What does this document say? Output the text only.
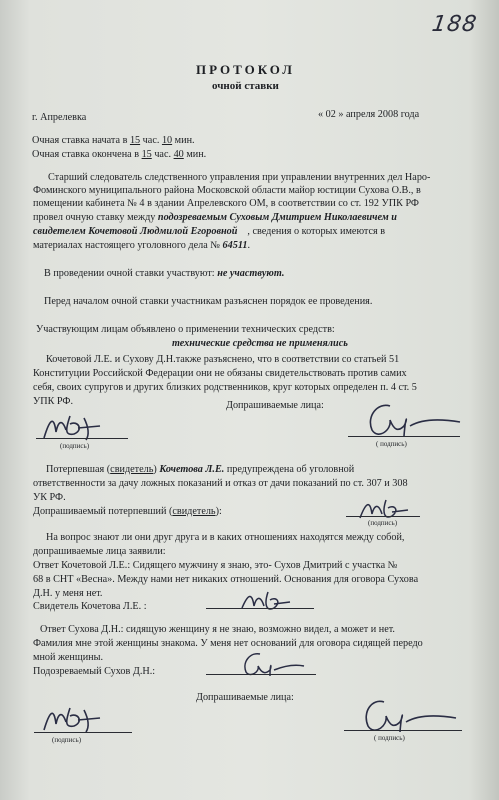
188
ПРОТОКОЛ
очной ставки
г. Апрелевка	« 02 » апреля 2008 года
Очная ставка начата в 15 час. 10 мин.
Очная ставка окончена в 15 час. 40 мин.
Старший следователь следственного управления при управлении внутренних дел Наро-
Фоминского муниципального района Московской области майор юстиции Сухова О.В., в
помещении кабинета № 4 в здании Апрелевского ОМ, в соответствии со ст. 192 УПК РФ
провел очную ставку между подозреваемым Суховым Дмитрием Николаевичем и
свидетелем Кочетовой Людмилой Егоровной , сведения о которых имеются в
материалах настоящего уголовного дела № 64511.
В проведении очной ставки участвуют: не участвуют.
Перед началом очной ставки участникам разъяснен порядок ее проведения.
Участвующим лицам объявлено о применении технических средств:
технические средства не применялись
Кочетовой Л.Е. и Сухову Д.Н.также разъяснено, что в соответствии со статьей 51
Конституции Российской Федерации они не обязаны свидетельствовать против самих
себя, своих супругов и других близких родственников, круг которых определен п. 4 ст. 5
УПК РФ.	Допрашиваемые лица:
(подпись)	( подпись)
Потерпевшая (свидетель) Кочетова Л.Е. предупреждена об уголовной
ответственности за дачу ложных показаний и отказ от дачи показаний по ст. 307 и 308
УК РФ.
Допрашиваемый потерпевший (свидетель):
(подпись)
На вопрос знают ли они друг друга и в каких отношениях находятся между собой,
допрашиваемые лица заявили:
Ответ Кочетовой Л.Е.: Сидящего мужчину я знаю, это- Сухов Дмитрий с участка №
68 в СНТ «Весна». Между нами нет никаких отношений. Основания для оговора Сухова
Д.Н. у меня нет.
Свидетель Кочетова Л.Е. :
Ответ Сухова Д.Н.: сидящую женщину я не знаю, возможно видел, а может и нет.
Фамилия мне этой женщины знакома. У меня нет оснований для оговора сидящей передо
мной женщины.
Подозреваемый Сухов Д.Н.:
Допрашиваемые лица:
(подпись)	( подпись)
